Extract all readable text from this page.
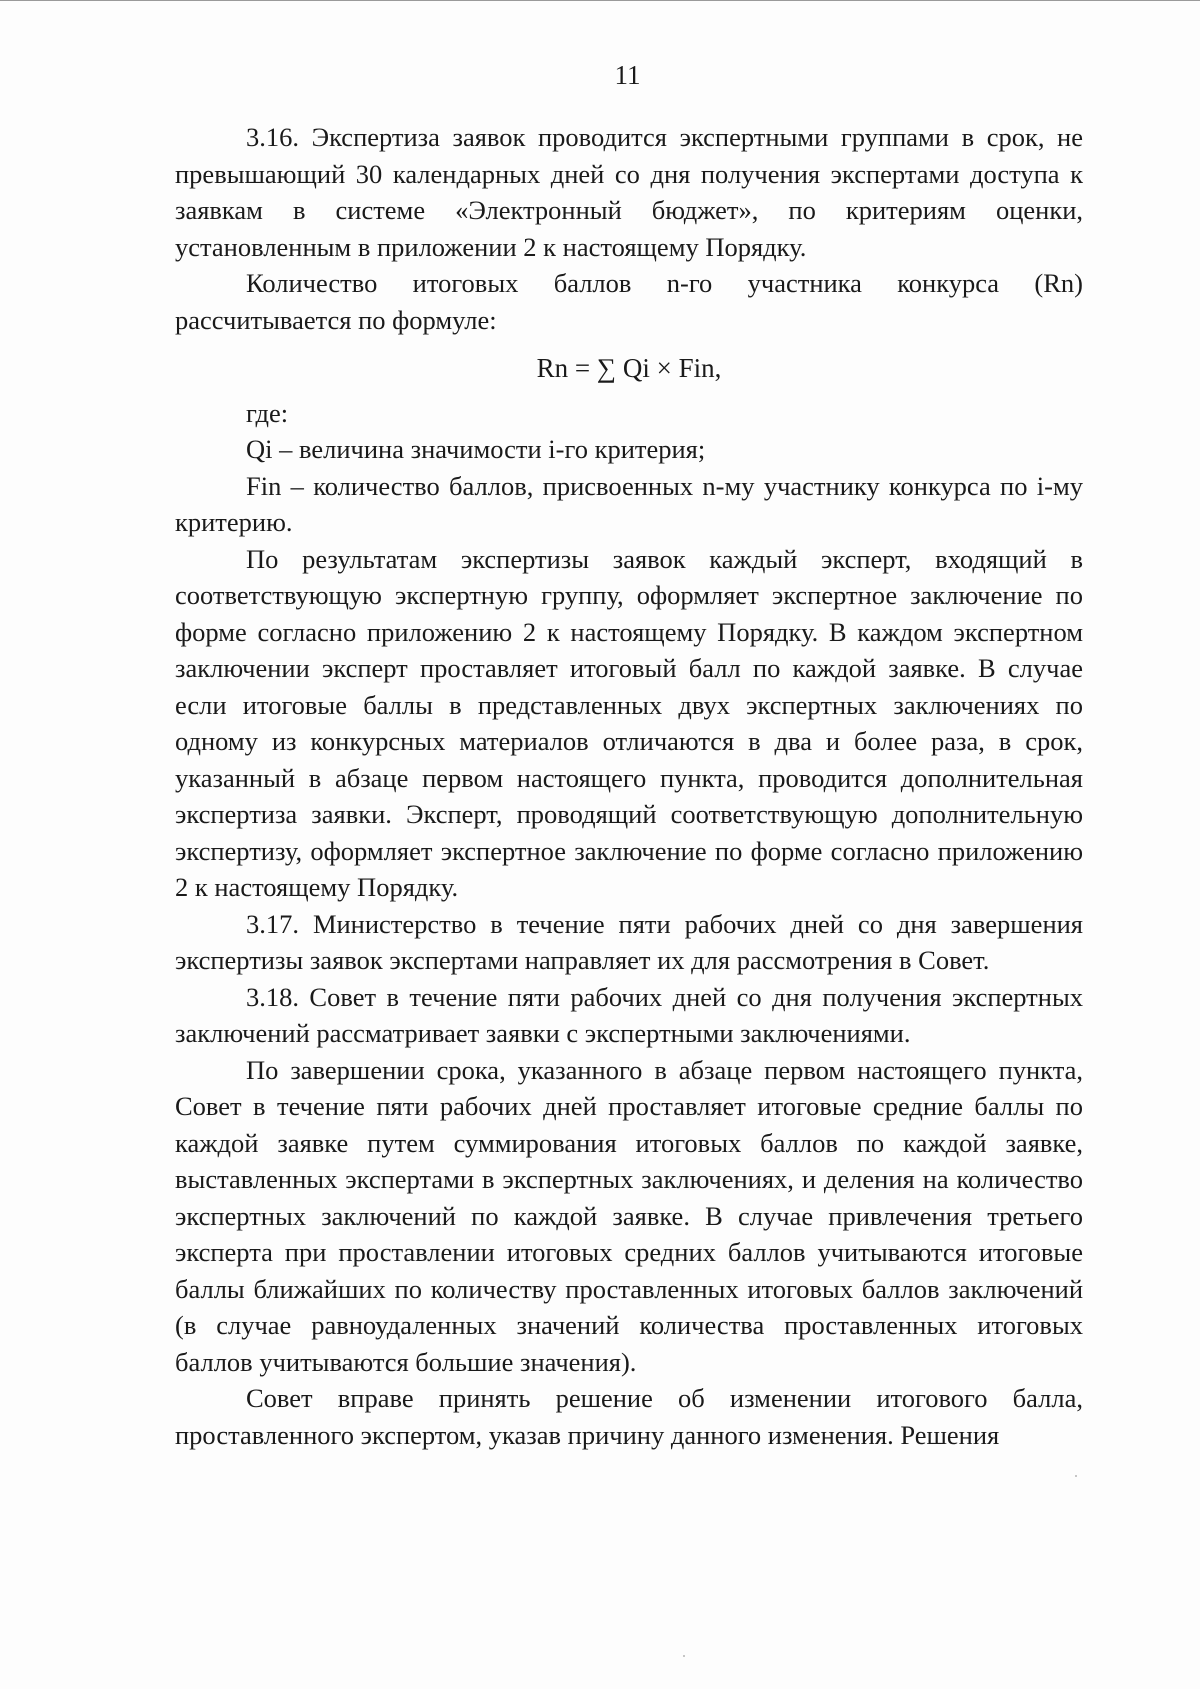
11

3.16. Экспертиза заявок проводится экспертными группами в срок, не превышающий 30 календарных дней со дня получения экспертами доступа к заявкам в системе «Электронный бюджет», по критериям оценки, установленным в приложении 2 к настоящему Порядку.

Количество итоговых баллов n-го участника конкурса (Rn) рассчитывается по формуле:

Rn = ∑ Qi × Fin,

где:

Qi – величина значимости i-го критерия;

Fin – количество баллов, присвоенных n-му участнику конкурса по i-му критерию.

По результатам экспертизы заявок каждый эксперт, входящий в соответствующую экспертную группу, оформляет экспертное заключение по форме согласно приложению 2 к настоящему Порядку. В каждом экспертном заключении эксперт проставляет итоговый балл по каждой заявке. В случае если итоговые баллы в представленных двух экспертных заключениях по одному из конкурсных материалов отличаются в два и более раза, в срок, указанный в абзаце первом настоящего пункта, проводится дополнительная экспертиза заявки. Эксперт, проводящий соответствующую дополнительную экспертизу, оформляет экспертное заключение по форме согласно приложению 2 к настоящему Порядку.

3.17. Министерство в течение пяти рабочих дней со дня завершения экспертизы заявок экспертами направляет их для рассмотрения в Совет.

3.18. Совет в течение пяти рабочих дней со дня получения экспертных заключений рассматривает заявки с экспертными заключениями.

По завершении срока, указанного в абзаце первом настоящего пункта, Совет в течение пяти рабочих дней проставляет итоговые средние баллы по каждой заявке путем суммирования итоговых баллов по каждой заявке, выставленных экспертами в экспертных заключениях, и деления на количество экспертных заключений по каждой заявке. В случае привлечения третьего эксперта при проставлении итоговых средних баллов учитываются итоговые баллы ближайших по количеству проставленных итоговых баллов заключений (в случае равноудаленных значений количества проставленных итоговых баллов учитываются большие значения).

Совет вправе принять решение об изменении итогового балла, проставленного экспертом, указав причину данного изменения. Решения
